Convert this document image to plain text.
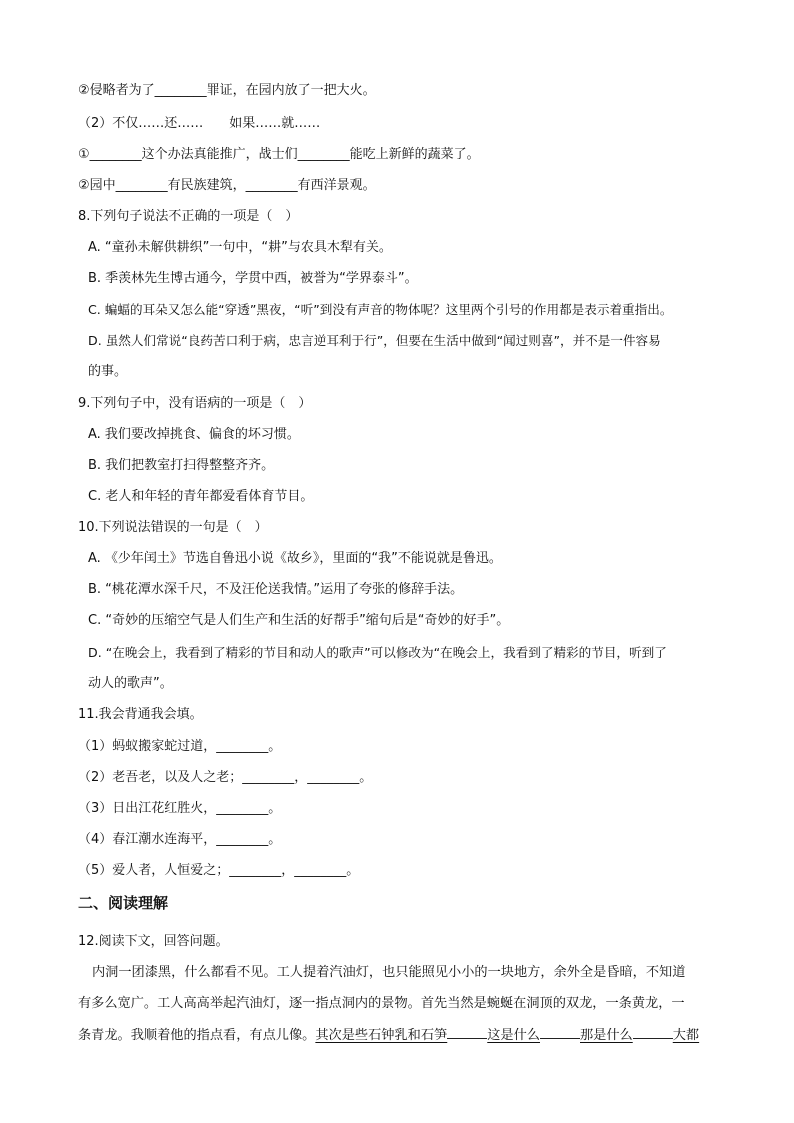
②侵略者为了________罪证，在园内放了一把大火。
（2）不仅……还……　　如果……就……
①________这个办法真能推广，战士们________能吃上新鲜的蔬菜了。
②园中________有民族建筑，________有西洋景观。
8.下列句子说法不正确的一项是（　）
A. “童孙未解供耕织”一句中，“耕”与农具木犁有关。
B. 季羡林先生博古通今，学贯中西，被誉为“学界泰斗”。
C. 蝙蝠的耳朵又怎么能“穿透”黑夜，“听”到没有声音的物体呢？这里两个引号的作用都是表示着重指出。
D. 虽然人们常说“良药苦口利于病，忠言逆耳利于行”，但要在生活中做到“闻过则喜”，并不是一件容易
的事。
9.下列句子中，没有语病的一项是（　）
A. 我们要改掉挑食、偏食的坏习惯。
B. 我们把教室打扫得整整齐齐。
C. 老人和年轻的青年都爱看体育节目。
10.下列说法错误的一句是（　）
A. 《少年闰土》节选自鲁迅小说《故乡》，里面的“我”不能说就是鲁迅。
B. “桃花潭水深千尺，不及汪伦送我情。”运用了夸张的修辞手法。
C. “奇妙的压缩空气是人们生产和生活的好帮手”缩句后是“奇妙的好手”。
D. “在晚会上，我看到了精彩的节目和动人的歌声”可以修改为“在晚会上，我看到了精彩的节目，听到了
动人的歌声”。
11.我会背通我会填。
（1）蚂蚁搬家蛇过道，________。
（2）老吾老，以及人之老；________，________。
（3）日出江花红胜火，________。
（4）春江潮水连海平，________。
（5）爱人者，人恒爱之；________，________。
二、阅读理解
12.阅读下文，回答问题。
内洞一团漆黑，什么都看不见。工人提着汽油灯，也只能照见小小的一块地方，余外全是昏暗，不知道
有多么宽广。工人高高举起汽油灯，逐一指点洞内的景物。首先当然是蜿蜒在洞顶的双龙，一条黄龙，一
条青龙。我顺着他的指点看，有点儿像。其次是些石钟乳和石笋	这是什么	那是什么	大都
